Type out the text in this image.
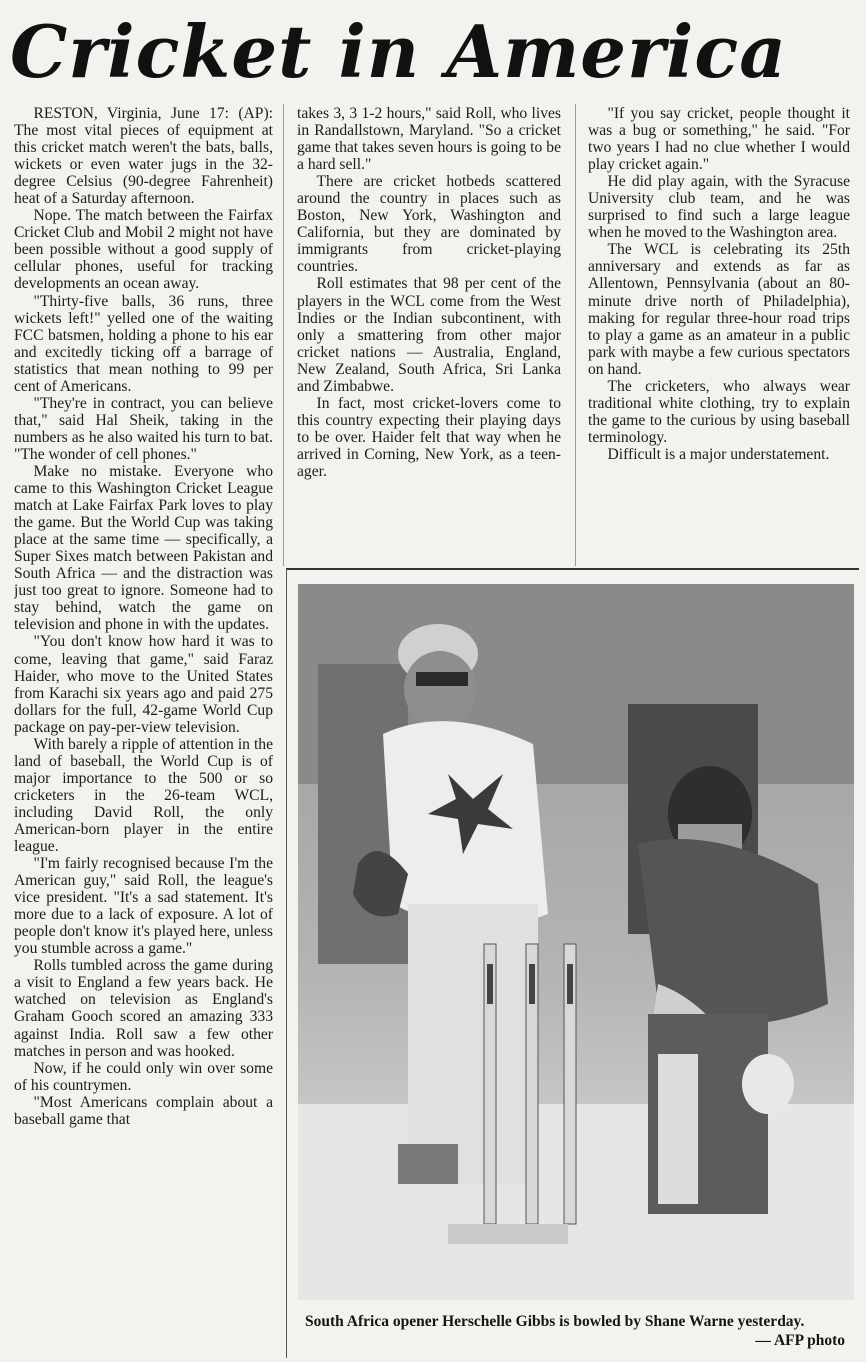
Cricket in America

RESTON, Virginia, June 17: (AP): The most vital pieces of equipment at this cricket match weren't the bats, balls, wickets or even water jugs in the 32-degree Celsius (90-degree Fahrenheit) heat of a Saturday afternoon.

Nope. The match between the Fairfax Cricket Club and Mobil 2 might not have been possible without a good supply of cellular phones, useful for tracking developments an ocean away.

"Thirty-five balls, 36 runs, three wickets left!" yelled one of the waiting FCC batsmen, holding a phone to his ear and excitedly ticking off a barrage of statistics that mean nothing to 99 per cent of Americans.

"They're in contract, you can believe that," said Hal Sheik, taking in the numbers as he also waited his turn to bat. "The wonder of cell phones."

Make no mistake. Everyone who came to this Washington Cricket League match at Lake Fairfax Park loves to play the game. But the World Cup was taking place at the same time — specifically, a Super Sixes match between Pakistan and South Africa — and the distraction was just too great to ignore. Someone had to stay behind, watch the game on television and phone in with the updates.

"You don't know how hard it was to come, leaving that game," said Faraz Haider, who move to the United States from Karachi six years ago and paid 275 dollars for the full, 42-game World Cup package on pay-per-view television.

With barely a ripple of attention in the land of baseball, the World Cup is of major importance to the 500 or so cricketers in the 26-team WCL, including David Roll, the only American-born player in the entire league.

"I'm fairly recognised because I'm the American guy," said Roll, the league's vice president. "It's a sad statement. It's more due to a lack of exposure. A lot of people don't know it's played here, unless you stumble across a game."

Rolls tumbled across the game during a visit to England a few years back. He watched on television as England's Graham Gooch scored an amazing 333 against India. Roll saw a few other matches in person and was hooked.

Now, if he could only win over some of his countrymen.

"Most Americans complain about a baseball game that

takes 3, 3 1-2 hours," said Roll, who lives in Randallstown, Maryland. "So a cricket game that takes seven hours is going to be a hard sell."

There are cricket hotbeds scattered around the country in places such as Boston, New York, Washington and California, but they are dominated by immigrants from cricket-playing countries.

Roll estimates that 98 per cent of the players in the WCL come from the West Indies or the Indian subcontinent, with only a smattering from other major cricket nations — Australia, England, New Zealand, South Africa, Sri Lanka and Zimbabwe.

In fact, most cricket-lovers come to this country expecting their playing days to be over. Haider felt that way when he arrived in Corning, New York, as a teen-ager.

"If you say cricket, people thought it was a bug or something," he said. "For two years I had no clue whether I would play cricket again."

He did play again, with the Syracuse University club team, and he was surprised to find such a large league when he moved to the Washington area.

The WCL is celebrating its 25th anniversary and extends as far as Allentown, Pennsylvania (about an 80-minute drive north of Philadelphia), making for regular three-hour road trips to play a game as an amateur in a public park with maybe a few curious spectators on hand.

The cricketers, who always wear traditional white clothing, try to explain the game to the curious by using baseball terminology.

Difficult is a major understatement.

South Africa opener Herschelle Gibbs is bowled by Shane Warne yesterday.
— AFP photo
